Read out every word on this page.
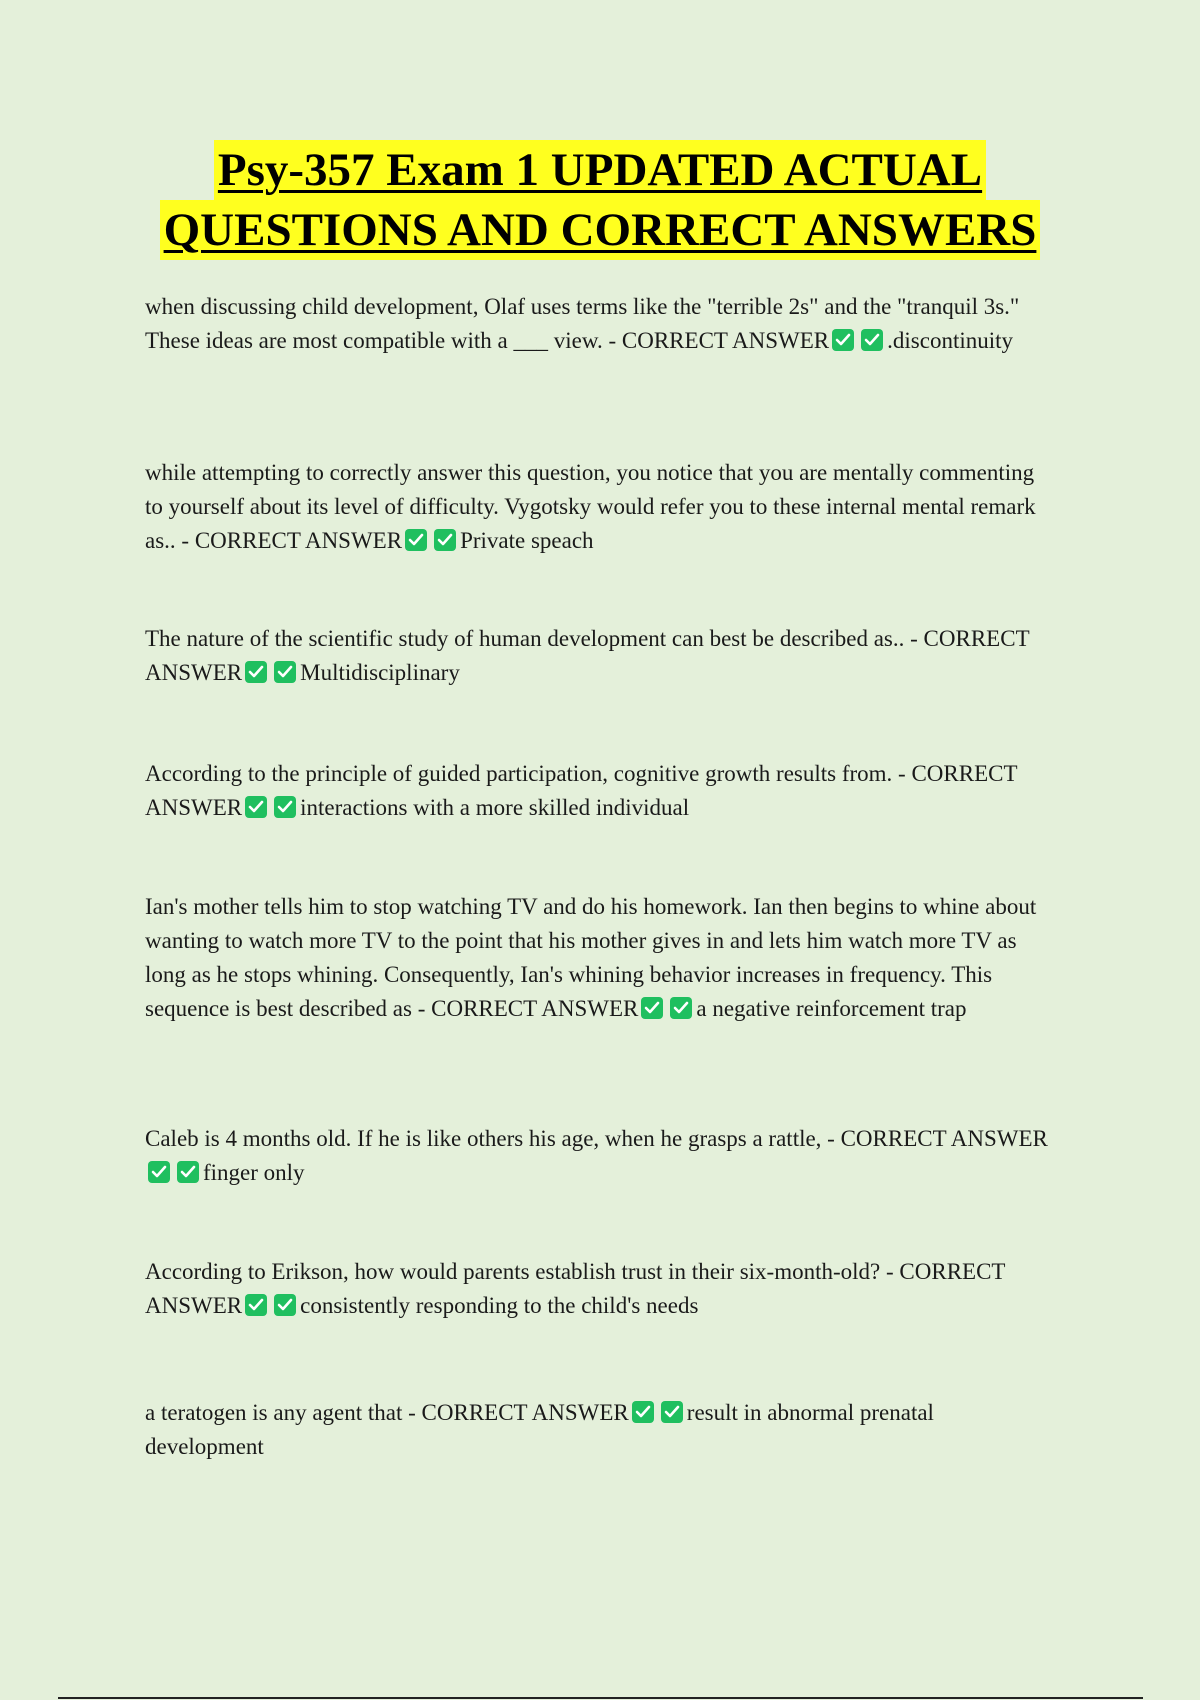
Psy-357 Exam 1 UPDATED ACTUAL
QUESTIONS AND CORRECT ANSWERS
when discussing child development, Olaf uses terms like the "terrible 2s" and the "tranquil 3s." These ideas are most compatible with a ___ view. - CORRECT ANSWER	.discontinuity
while attempting to correctly answer this question, you notice that you are mentally commenting to yourself about its level of difficulty. Vygotsky would refer you to these internal mental remark as.. - CORRECT ANSWER	Private speach
The nature of the scientific study of human development can best be described as.. - CORRECT ANSWER	Multidisciplinary
According to the principle of guided participation, cognitive growth results from. - CORRECT ANSWER	interactions with a more skilled individual
Ian's mother tells him to stop watching TV and do his homework. Ian then begins to whine about wanting to watch more TV to the point that his mother gives in and lets him watch more TV as long as he stops whining. Consequently, Ian's whining behavior increases in frequency. This sequence is best described as - CORRECT ANSWER	a negative reinforcement trap
Caleb is 4 months old. If he is like others his age, when he grasps a rattle, - CORRECT ANSWER
finger only
According to Erikson, how would parents establish trust in their six-month-old? - CORRECT ANSWER	consistently responding to the child's needs
a teratogen is any agent that - CORRECT ANSWER	result in abnormal prenatal development
